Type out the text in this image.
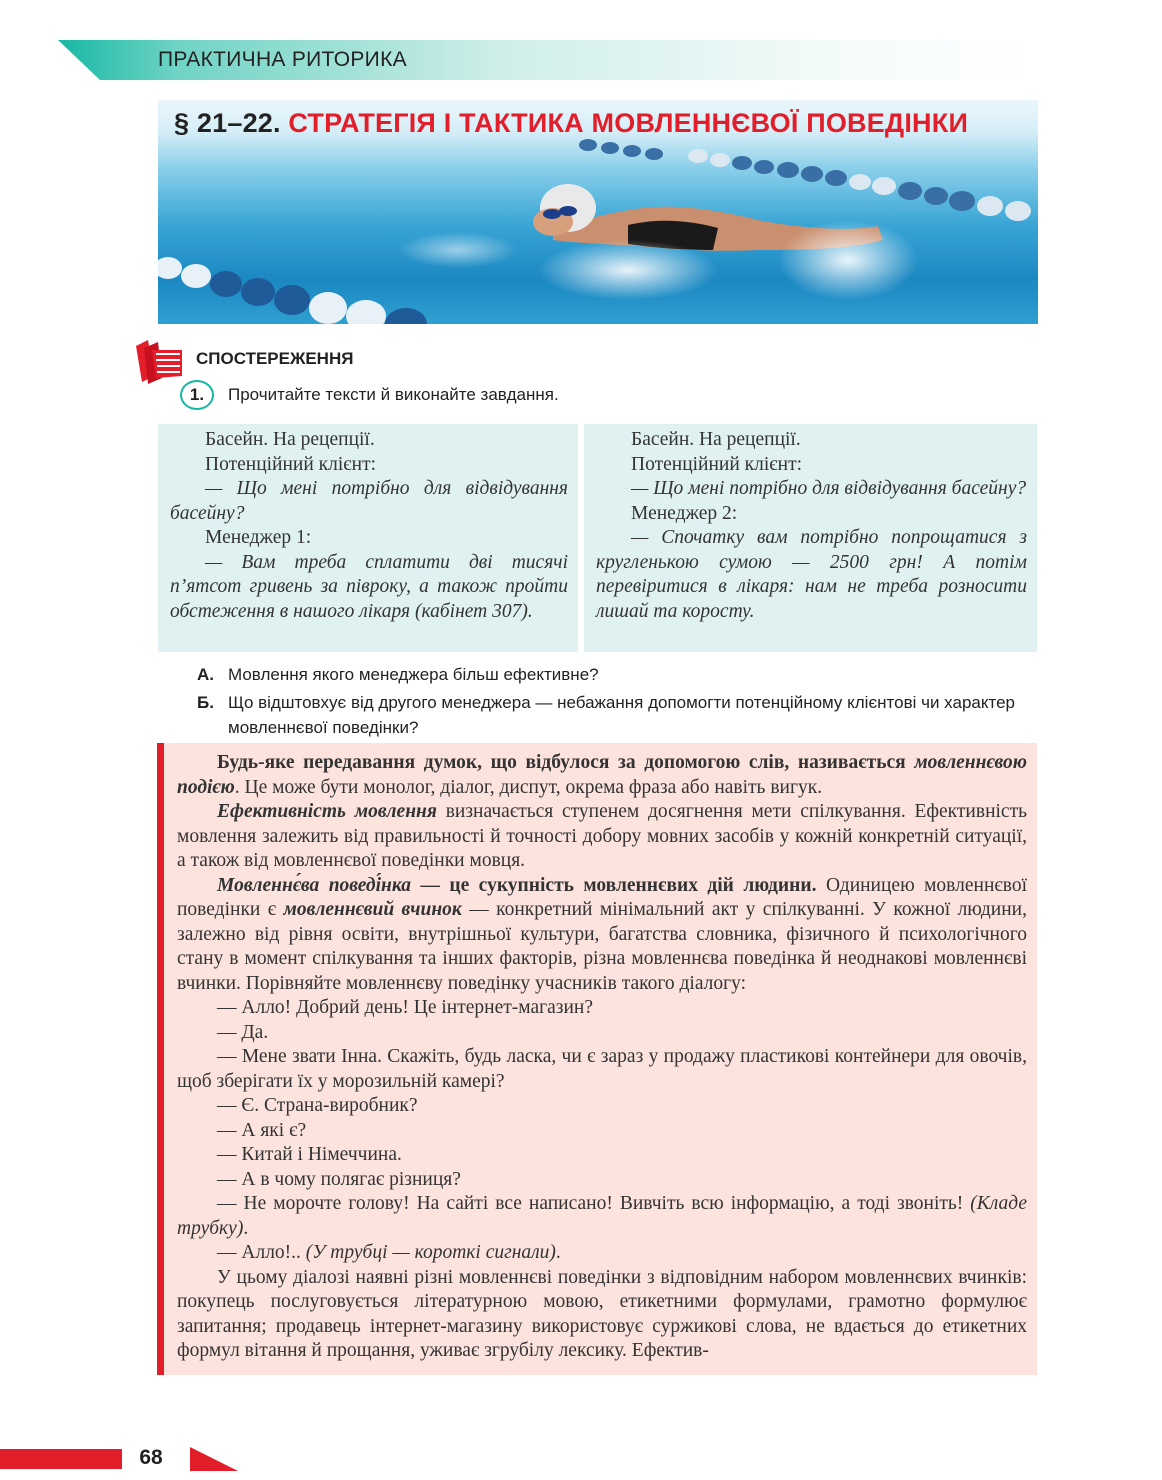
ПРАКТИЧНА РИТОРИКА
§ 21–22. СТРАТЕГІЯ І ТАКТИКА МОВЛЕННЄВОЇ ПОВЕДІНКИ
СПОСТЕРЕЖЕННЯ
1.	Прочитайте тексти й виконайте завдання.

Басейн. На рецепції.

Потенційний клієнт:

— Що мені потрібно для відвідування басейну?

Менеджер 1:

— Вам треба сплатити дві тисячі п’ятсот гривень за півроку, а також пройти обстеження в нашого лікаря (кабінет 307).

Басейн. На рецепції.

Потенційний клієнт:

— Що мені потрібно для відвідування басейну?

Менеджер 2:

— Спочатку вам потрібно попрощатися з кругленькою сумою — 2500 грн! А потім перевіритися в лікаря: нам не треба розносити лишай та коросту.

А. Мовлення якого менеджера більш ефективне?
Б. Що відштовхує від другого менеджера — небажання допомогти потенційному клієнтові чи характер мовленнєвої поведінки?

Будь-яке передавання думок, що відбулося за допомогою слів, називається мовленнєвою подією. Це може бути монолог, діалог, диспут, окрема фраза або навіть вигук.

Ефективність мовлення визначається ступенем досягнення мети спілкування. Ефективність мовлення залежить від правильності й точності добору мовних засобів у кожній конкретній ситуації, а також від мовленнєвої поведінки мовця.

Мовленнє́ва поведі́нка — це сукупність мовленнєвих дій людини. Одиницею мовленнєвої поведінки є мовленнєвий вчинок — конкретний мінімальний акт у спілкуванні. У кожної людини, залежно від рівня освіти, внутрішньої культури, багатства словника, фізичного й психологічного стану в момент спілкування та інших факторів, різна мовленнєва поведінка й неоднакові мовленнєві вчинки. Порівняйте мовленнєву поведінку учасників такого діалогу:

— Алло! Добрий день! Це інтернет-магазин?

— Да.

— Мене звати Інна. Скажіть, будь ласка, чи є зараз у продажу пластикові контейнери для овочів, щоб зберігати їх у морозильній камері?

— Є. Страна-виробник?

— А які є?

— Китай і Німеччина.

— А в чому полягає різниця?

— Не морочте голову! На сайті все написано! Вивчіть всю інформацію, а тоді звоніть! (Кладе трубку).

— Алло!.. (У трубці — короткі сигнали).

У цьому діалозі наявні різні мовленнєві поведінки з відповідним набором мовленнєвих вчинків: покупець послуговується літературною мовою, етикетними формулами, грамотно формулює запитання; продавець інтернет-магазину використовує суржикові слова, не вдається до етикетних формул вітання й прощання, уживає згрубілу лексику. Ефектив-

68
